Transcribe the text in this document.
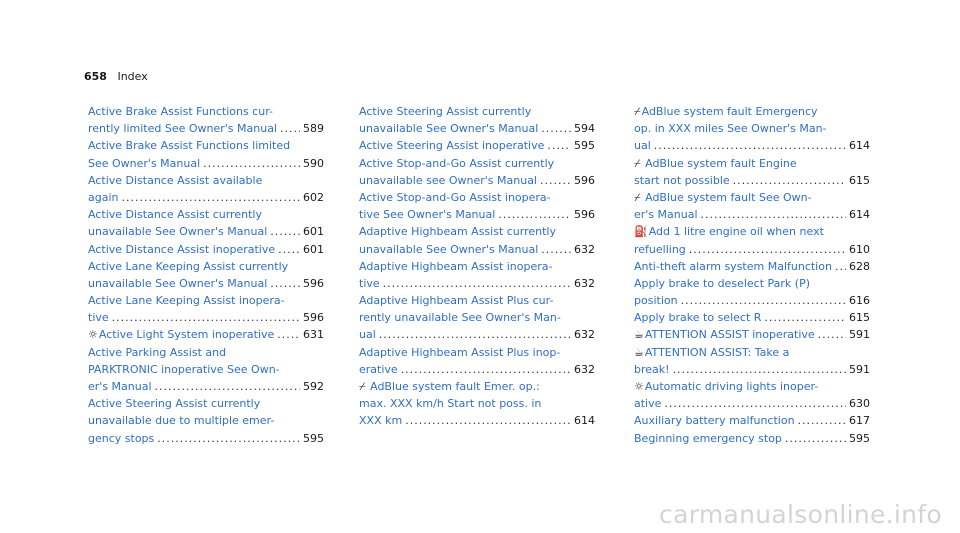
658 Index
Active Brake Assist Functions cur-
rently limited See Owner's Manual ..... 589
Active Brake Assist Functions limited
See Owner's Manual .....	590
Active Distance Assist available
again .....	602
Active Distance Assist currently
unavailable See Owner's Manual .....	601
Active Distance Assist inoperative .....	601
Active Lane Keeping Assist currently
unavailable See Owner's Manual .....	596
Active Lane Keeping Assist inopera-
tive .....	596
☼Active Light System inoperative .....	631
Active Parking Assist and
PARKTRONIC inoperative See Own-
er's Manual .....	592
Active Steering Assist currently
unavailable due to multiple emer-
gency stops .....	595
Active Steering Assist currently
unavailable See Owner's Manual .....	594
Active Steering Assist inoperative .....	595
Active Stop-and-Go Assist currently
unavailable see Owner's Manual .....	596
Active Stop-and-Go Assist inopera-
tive See Owner's Manual .....	596
Adaptive Highbeam Assist currently
unavailable See Owner's Manual .....	632
Adaptive Highbeam Assist inopera-
tive .....	632
Adaptive Highbeam Assist Plus cur-
rently unavailable See Owner's Man-
ual .....	632
Adaptive Highbeam Assist Plus inop-
erative .....	632
⌿ AdBlue system fault Emer. op.:
max. XXX km/h Start not poss. in
XXX km .....	614
⌿AdBlue system fault Emergency
op. in XXX miles See Owner's Man-
ual .....	614
⌿ AdBlue system fault Engine
start not possible .....	615
⌿ AdBlue system fault See Own-
er's Manual .....	614
⛽Add 1 litre engine oil when next
refuelling .....	610
Anti-theft alarm system Malfunction ..... 628
Apply brake to deselect Park (P)
position .....	616
Apply brake to select R .....	615
☕ATTENTION ASSIST inoperative .....	591
☕ATTENTION ASSIST: Take a
break! .....	591
☼Automatic driving lights inoper-
ative .....	630
Auxiliary battery malfunction .....	617
Beginning emergency stop .....	595
carmanualsonline.info
